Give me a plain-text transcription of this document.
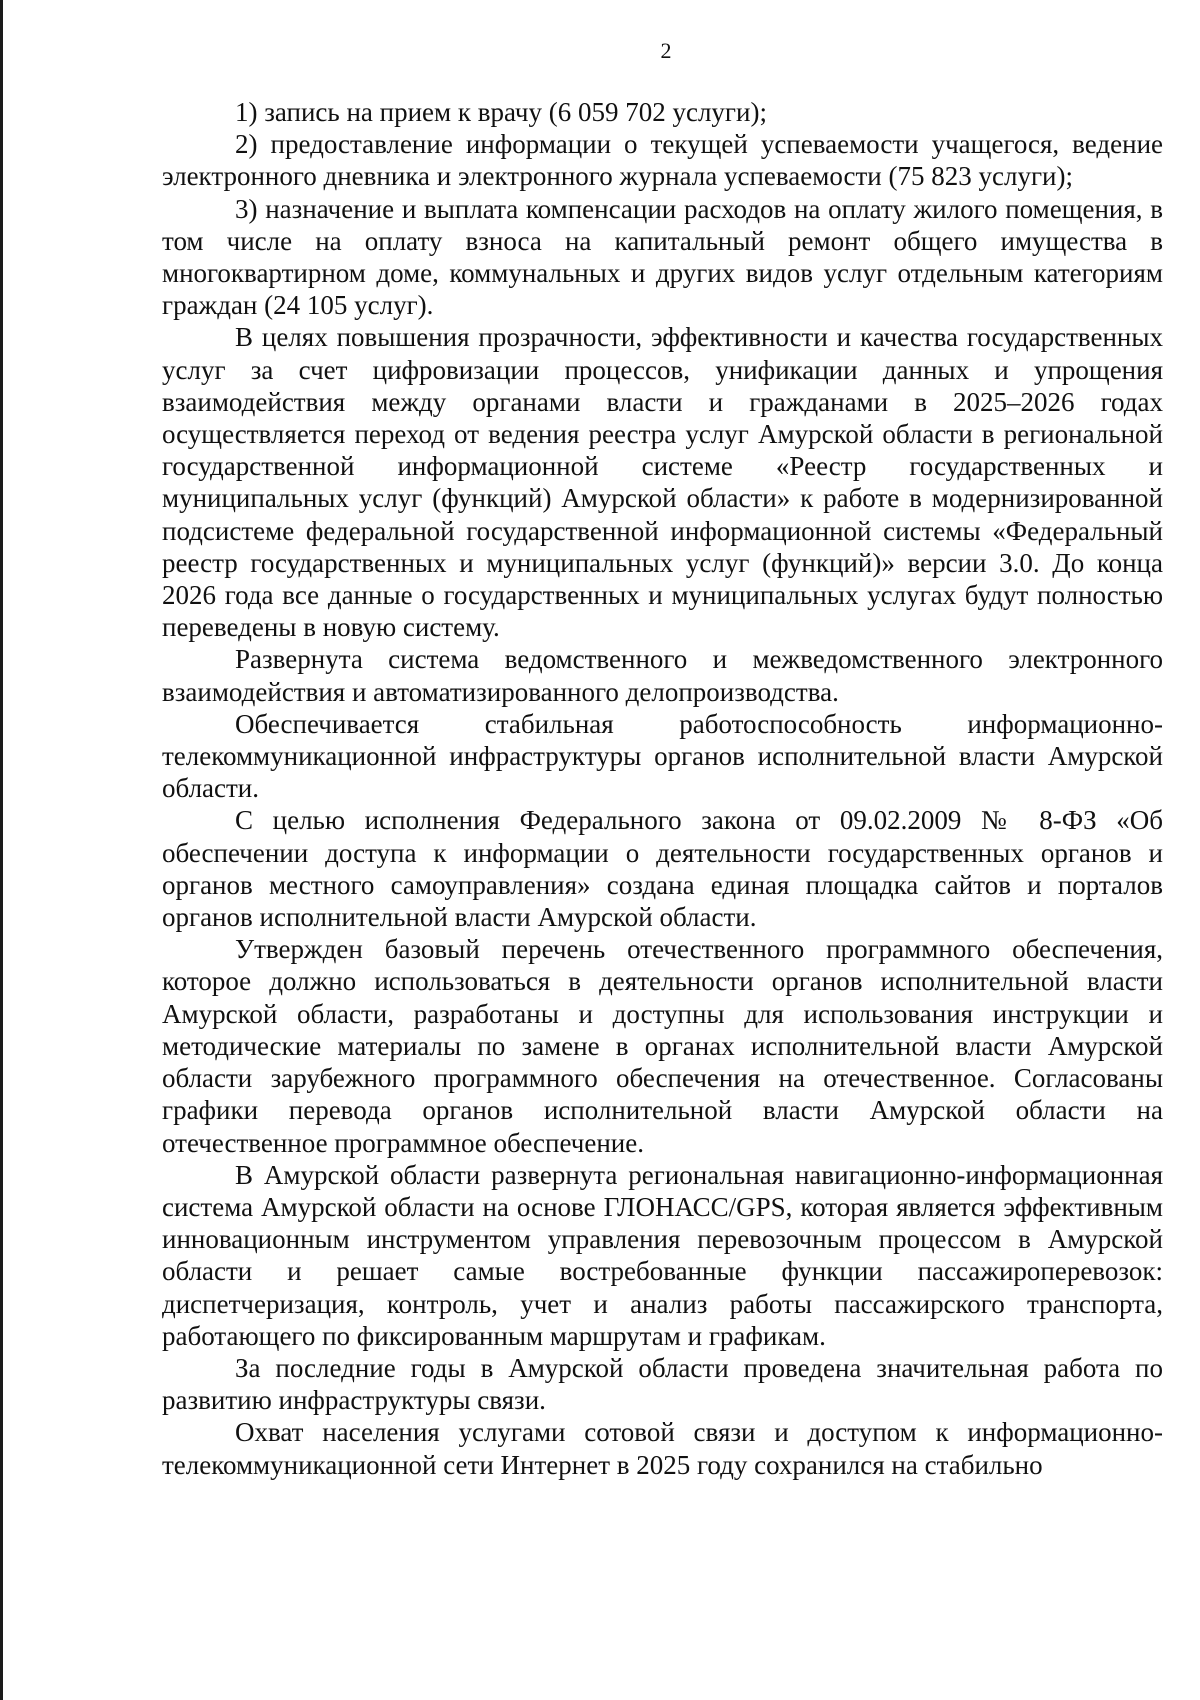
2

1) запись на прием к врачу (6 059 702 услуги);

2) предоставление информации о текущей успеваемости учащегося, ведение электронного дневника и электронного журнала успеваемости (75 823 услуги);

3) назначение и выплата компенсации расходов на оплату жилого помещения, в том числе на оплату взноса на капитальный ремонт общего имущества в многоквартирном доме, коммунальных и других видов услуг отдельным категориям граждан (24 105 услуг).

В целях повышения прозрачности, эффективности и качества государственных услуг за счет цифровизации процессов, унификации данных и упрощения взаимодействия между органами власти и гражданами в 2025–2026 годах осуществляется переход от ведения реестра услуг Амурской области в региональной государственной информационной системе «Реестр государственных и муниципальных услуг (функций) Амурской области» к работе в модернизированной подсистеме федеральной государственной информационной системы «Федеральный реестр государственных и муниципальных услуг (функций)» версии 3.0. До конца 2026 года все данные о государственных и муниципальных услугах будут полностью переведены в новую систему.

Развернута система ведомственного и межведомственного электронного взаимодействия и автоматизированного делопроизводства.

Обеспечивается стабильная работоспособность информационно-телекоммуникационной инфраструктуры органов исполнительной власти Амурской области.

С целью исполнения Федерального закона от 09.02.2009 № 8-ФЗ «Об обеспечении доступа к информации о деятельности государственных органов и органов местного самоуправления» создана единая площадка сайтов и порталов органов исполнительной власти Амурской области.

Утвержден базовый перечень отечественного программного обеспечения, которое должно использоваться в деятельности органов исполнительной власти Амурской области, разработаны и доступны для использования инструкции и методические материалы по замене в органах исполнительной власти Амурской области зарубежного программного обеспечения на отечественное. Согласованы графики перевода органов исполнительной власти Амурской области на отечественное программное обеспечение.

В Амурской области развернута региональная навигационно-информационная система Амурской области на основе ГЛОНАСС/GPS, которая является эффективным инновационным инструментом управления перевозочным процессом в Амурской области и решает самые востребованные функции пассажироперевозок: диспетчеризация, контроль, учет и анализ работы пассажирского транспорта, работающего по фиксированным маршрутам и графикам.

За последние годы в Амурской области проведена значительная работа по развитию инфраструктуры связи.

Охват населения услугами сотовой связи и доступом к информационно-телекоммуникационной сети Интернет в 2025 году сохранился на стабильно
